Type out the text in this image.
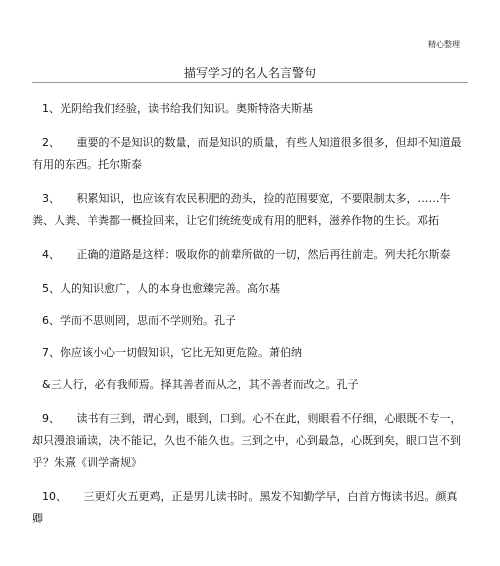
精心整理
描写学习的名人名言警句

1、光阴给我们经验，读书给我们知识。奥斯特洛夫斯基

2、　　重要的不是知识的数量，而是知识的质量，有些人知道很多很多，但却不知道最有用的东西。托尔斯泰

3、　　积累知识，也应该有农民积肥的劲头，捡的范围要宽，不要限制太多，……牛粪、人粪、羊粪都一概捡回来，让它们统统变成有用的肥料，滋养作物的生长。邓拓

4、　　正确的道路是这样：吸取你的前辈所做的一切，然后再往前走。列夫托尔斯泰

5、人的知识愈广，人的本身也愈臻完善。高尔基

6、学而不思则罔，思而不学则殆。孔子

7、你应该小心一切假知识，它比无知更危险。萧伯纳

&三人行，必有我师焉。择其善者而从之，其不善者而改之。孔子

9、　　读书有三到，谓心到，眼到，口到。心不在此，则眼看不仔细，心眼既不专一，却只漫浪诵读，决不能记，久也不能久也。三到之中，心到最急，心既到矣，眼口岂不到乎？朱熹《训学斋规》

10、　　三更灯火五更鸡，正是男儿读书时。黑发不知勤学早，白首方悔读书迟。颜真卿
